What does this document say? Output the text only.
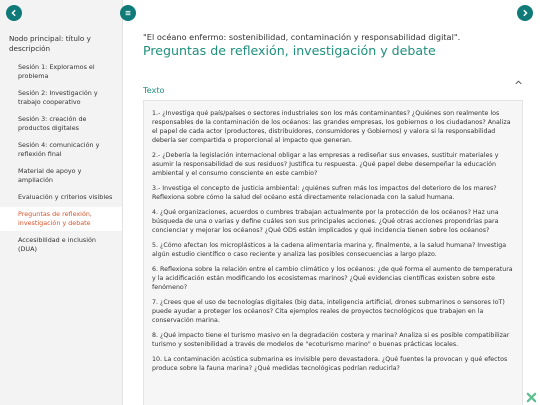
Nodo principal: título y descripción
Sesión 1: Exploramos el problema
Sesión 2: Investigación y trabajo cooperativo
Sesión 3: creación de productos digitales
Sesión 4: comunicación y reflexión final
Material de apoyo y ampliación
Evaluación y criterios visibles
Preguntas de reflexión, investigación y debate
Accesibilidad e inclusión (DUA)
"El océano enfermo: sostenibilidad, contaminación y responsabilidad digital".
Preguntas de reflexión, investigación y debate
Texto

1.- ¿Investiga qué país/países o sectores industriales son los más contaminantes? ¿Quiénes son realmente los responsables de la contaminación de los océanos: las grandes empresas, los gobiernos o los ciudadanos? Analiza el papel de cada actor (productores, distribuidores, consumidores y Gobiernos) y valora si la responsabilidad debería ser compartida o proporcional al impacto que generan.

2.- ¿Debería la legislación internacional obligar a las empresas a rediseñar sus envases, sustituir materiales y asumir la responsabilidad de sus residuos? Justifica tu respuesta. ¿Qué papel debe desempeñar la educación ambiental y el consumo consciente en este cambio?

3.- Investiga el concepto de justicia ambiental: ¿quiénes sufren más los impactos del deterioro de los mares? Reflexiona sobre cómo la salud del océano está directamente relacionada con la salud humana.

4. ¿Qué organizaciones, acuerdos o cumbres trabajan actualmente por la protección de los océanos? Haz una búsqueda de una o varias y define cuáles son sus principales acciones. ¿Qué otras acciones propondrías para concienciar y mejorar los océanos? ¿Qué ODS están implicados y qué incidencia tienen sobre los océanos?

5. ¿Cómo afectan los microplásticos a la cadena alimentaria marina y, finalmente, a la salud humana? Investiga algún estudio científico o caso reciente y analiza las posibles consecuencias a largo plazo.

6. Reflexiona sobre la relación entre el cambio climático y los océanos: ¿de qué forma el aumento de temperatura y la acidificación están modificando los ecosistemas marinos? ¿Qué evidencias científicas existen sobre este fenómeno?

7. ¿Crees que el uso de tecnologías digitales (big data, inteligencia artificial, drones submarinos o sensores IoT) puede ayudar a proteger los océanos? Cita ejemplos reales de proyectos tecnológicos que trabajen en la conservación marina.

8. ¿Qué impacto tiene el turismo masivo en la degradación costera y marina? Analiza si es posible compatibilizar turismo y sostenibilidad a través de modelos de "ecoturismo marino" o buenas prácticas locales.

10. La contaminación acústica submarina es invisible pero devastadora. ¿Qué fuentes la provocan y qué efectos produce sobre la fauna marina? ¿Qué medidas tecnológicas podrían reducirla?
